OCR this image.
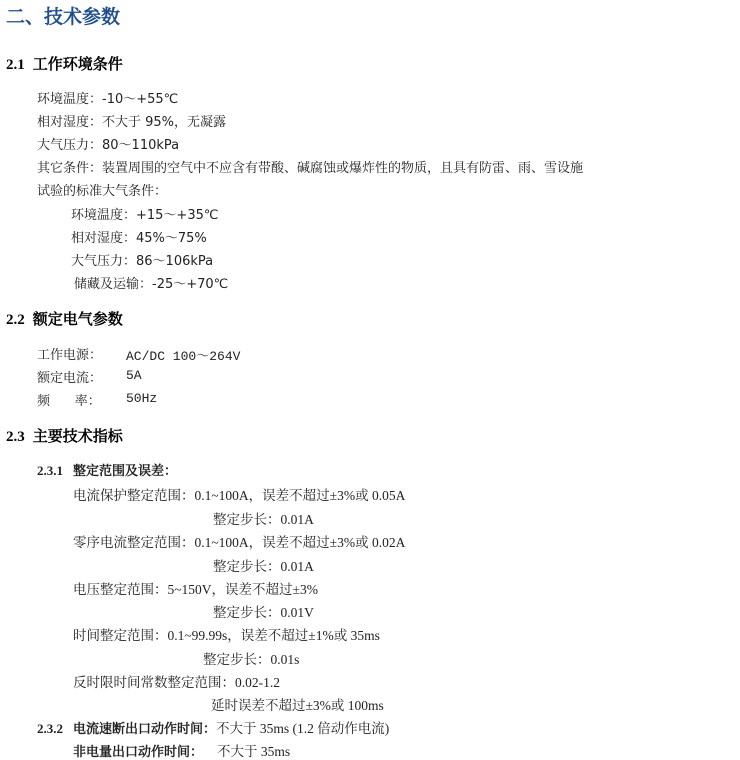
二、技术参数
2.1 工作环境条件
环境温度：-10～+55℃
相对湿度：不大于 95%，无凝露
大气压力：80～110kPa
其它条件：装置周围的空气中不应含有带酸、碱腐蚀或爆炸性的物质，且具有防雷、雨、雪设施
试验的标准大气条件：
环境温度：+15～+35℃
相对湿度：45%～75%
大气压力：86～106kPa
储藏及运输：-25～+70℃
2.2 额定电气参数
工作电源： AC/DC 100～264V
额定电流： 5A
频      率： 50Hz
2.3 主要技术指标
2.3.1 整定范围及误差：
电流保护整定范围：0.1~100A，误差不超过±3%或 0.05A
整定步长：0.01A
零序电流整定范围：0.1~100A，误差不超过±3%或 0.02A
整定步长：0.01A
电压整定范围：5~150V，误差不超过±3%
整定步长：0.01V
时间整定范围：0.1~99.99s，误差不超过±1%或 35ms
整定步长：0.01s
反时限时间常数整定范围：0.02-1.2
延时误差不超过±3%或 100ms
2.3.2 电流速断出口动作时间：不大于 35ms (1.2 倍动作电流)
非电量出口动作时间： 不大于 35ms
